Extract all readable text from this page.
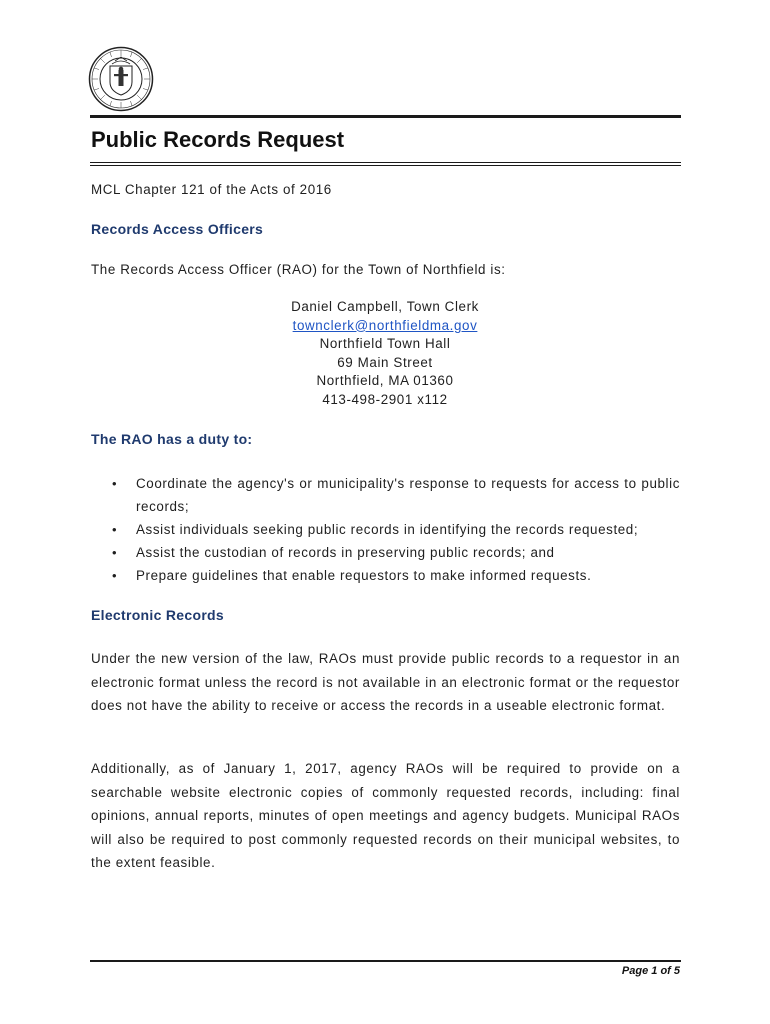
Public Records Request
MCL Chapter 121 of the Acts of 2016
Records Access Officers
The Records Access Officer (RAO) for the Town of Northfield is:
Daniel Campbell, Town Clerk
townclerk@northfieldma.gov
Northfield Town Hall
69 Main Street
Northfield, MA 01360
413-498-2901 x112
The RAO has a duty to:
• Coordinate the agency's or municipality's response to requests for access to public records;
• Assist individuals seeking public records in identifying the records requested;
• Assist the custodian of records in preserving public records; and
• Prepare guidelines that enable requestors to make informed requests.
Electronic Records

Under the new version of the law, RAOs must provide public records to a requestor in an electronic format unless the record is not available in an electronic format or the requestor does not have the ability to receive or access the records in a useable electronic format.

Additionally, as of January 1, 2017, agency RAOs will be required to provide on a searchable website electronic copies of commonly requested records, including: final opinions, annual reports, minutes of open meetings and agency budgets. Municipal RAOs will also be required to post commonly requested records on their municipal websites, to the extent feasible.

Page 1 of 5
